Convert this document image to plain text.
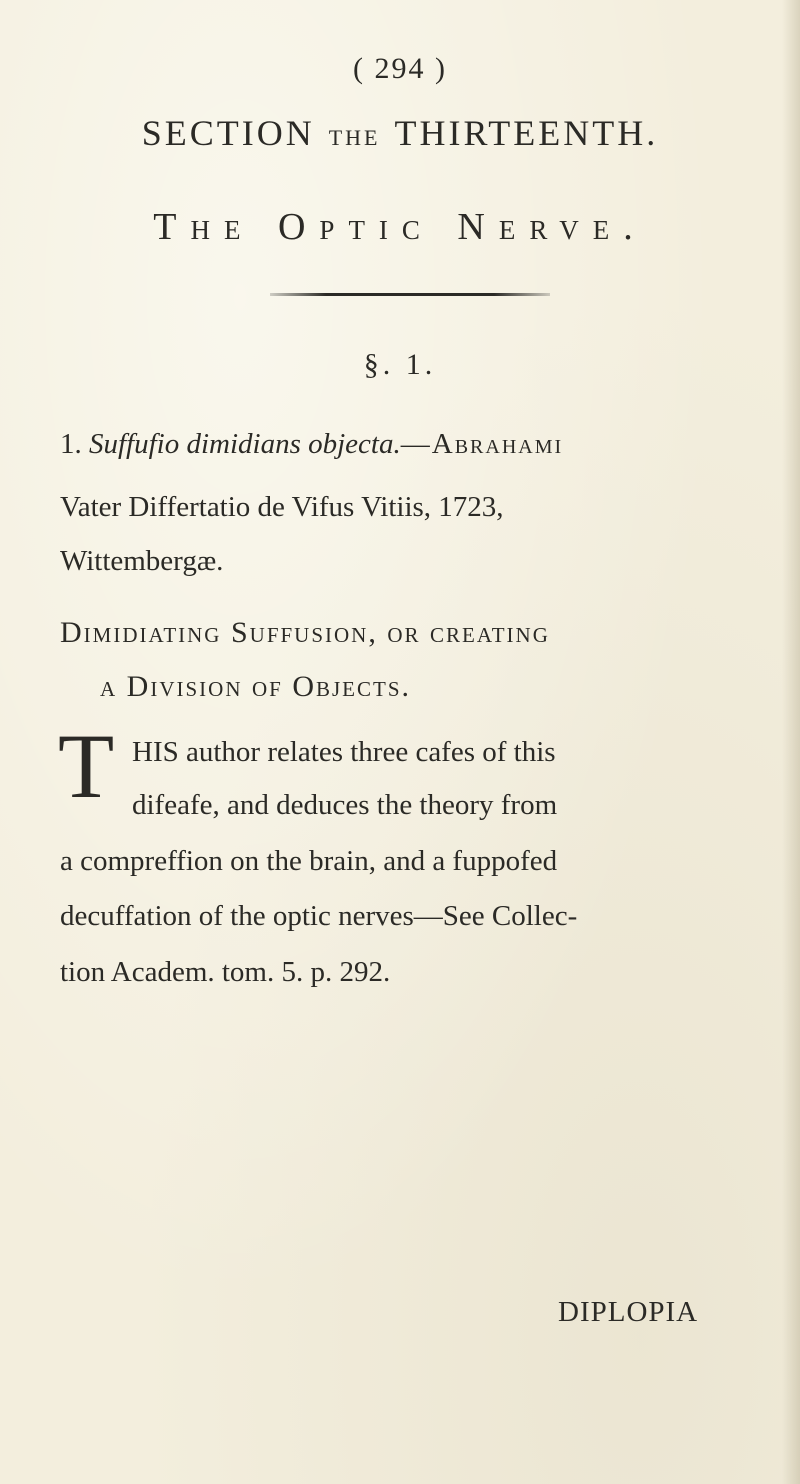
( 294 )
SECTION THE THIRTEENTH.
The Optic Nerve.
§. 1.
1. Suffufio dimidians objecta.—Abrahami
Vater Differtatio de Vifus Vitiis, 1723,
Wittembergæ.
Dimidiating Suffusion, or creating
a Division of Objects.
T HIS author relates three cafes of this
difeafe, and deduces the theory from
a compreffion on the brain, and a fuppofed
decuffation of the optic nerves—See Collec-
tion Academ. tom. 5. p. 292.
DIPLOPIA
